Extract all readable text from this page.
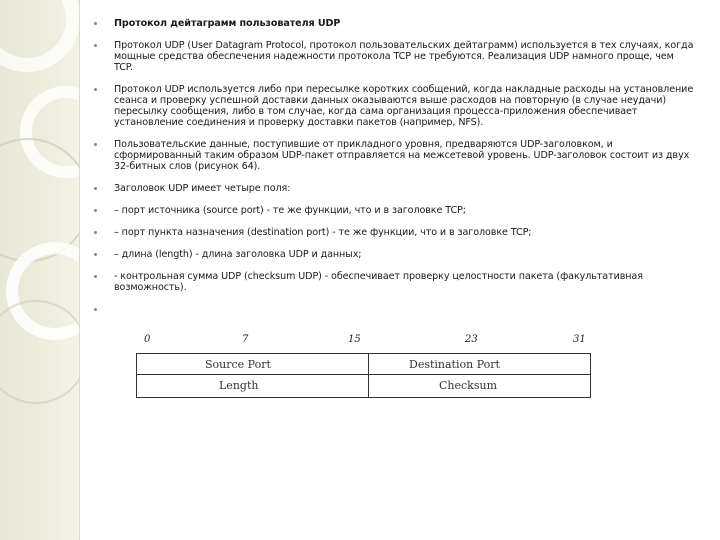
Протокол дейтаграмм пользователя UDP
Протокол UDP (User Datagram Protocol, протокол пользовательских дейтаграмм) используется в тех случаях, когда мощные средства обеспечения надежности протокола TCP не требуются. Реализация UDP намного проще, чем TCP.
Протокол UDP используется либо при пересылке коротких сообщений, когда накладные расходы на установление сеанса и проверку успешной доставки данных оказываются выше расходов на повторную (в случае неудачи) пересылку сообщения, либо в том случае, когда сама организация процесса-приложения обеспечивает установление соединения и проверку доставки пакетов (например, NFS).
Пользовательские данные, поступившие от прикладного уровня, предваряются UDP-заголовком, и сформированный таким образом UDP-пакет отправляется на межсетевой уровень. UDP-заголовок состоит из двух 32-битных слов (рисунок 64).
Заголовок UDP имеет четыре поля:
– порт источника (source port) - те же функции, что и в заголовке TCP;
– порт пункта назначения (destination port) - те же функции, что и в заголовке TCP;
– длина (length) - длина заголовка UDP и данных;
- контрольная сумма UDP (checksum UDP) - обеспечивает проверку целостности пакета (факультативная возможность).
0	7	15	23	31
Source Port	Destination Port
Length	Checksum
